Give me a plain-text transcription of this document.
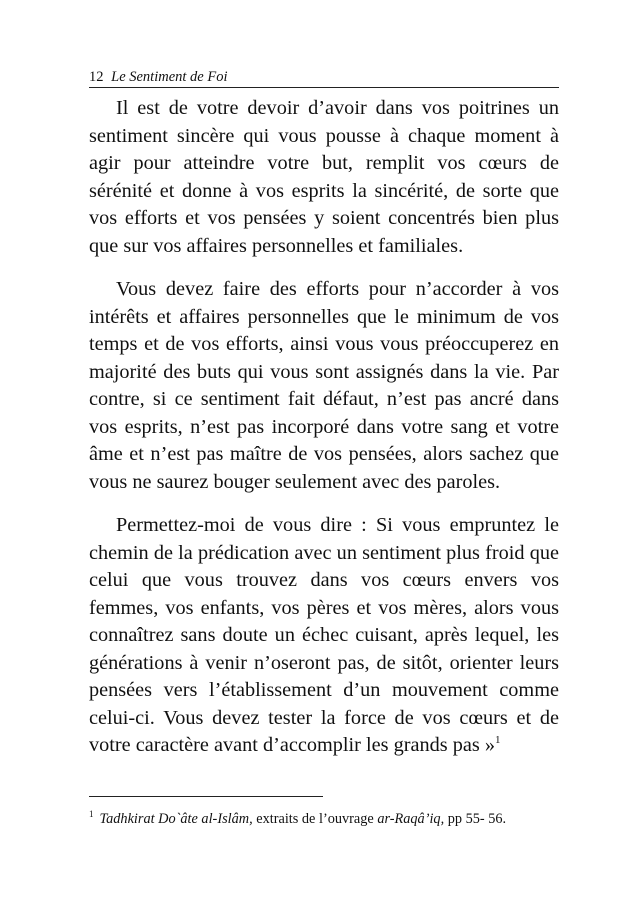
12 Le Sentiment de Foi

Il est de votre devoir d’avoir dans vos poitrines un sentiment sincère qui vous pousse à chaque moment à agir pour atteindre votre but, remplit vos cœurs de sérénité et donne à vos esprits la sincérité, de sorte que vos efforts et vos pensées y soient concentrés bien plus que sur vos affaires personnelles et familiales.

Vous devez faire des efforts pour n’accorder à vos intérêts et affaires personnelles que le minimum de vos temps et de vos efforts, ainsi vous vous préoccuperez en majorité des buts qui vous sont assignés dans la vie. Par contre, si ce sentiment fait défaut, n’est pas ancré dans vos esprits, n’est pas incorporé dans votre sang et votre âme et n’est pas maître de vos pensées, alors sachez que vous ne saurez bouger seulement avec des paroles.

Permettez-moi de vous dire : Si vous empruntez le chemin de la prédication avec un sentiment plus froid que celui que vous trouvez dans vos cœurs envers vos femmes, vos enfants, vos pères et vos mères, alors vous connaîtrez sans doute un échec cuisant, après lequel, les générations à venir n’oseront pas, de sitôt, orienter leurs pensées vers l’établissement d’un mouvement comme celui-ci. Vous devez tester la force de vos cœurs et de votre caractère avant d’accomplir les grands pas »$^1$

$^1$ Tadhkirat Do`âte al-Islâm, extraits de l’ouvrage ar-Raqâ’iq, pp 55- 56.
